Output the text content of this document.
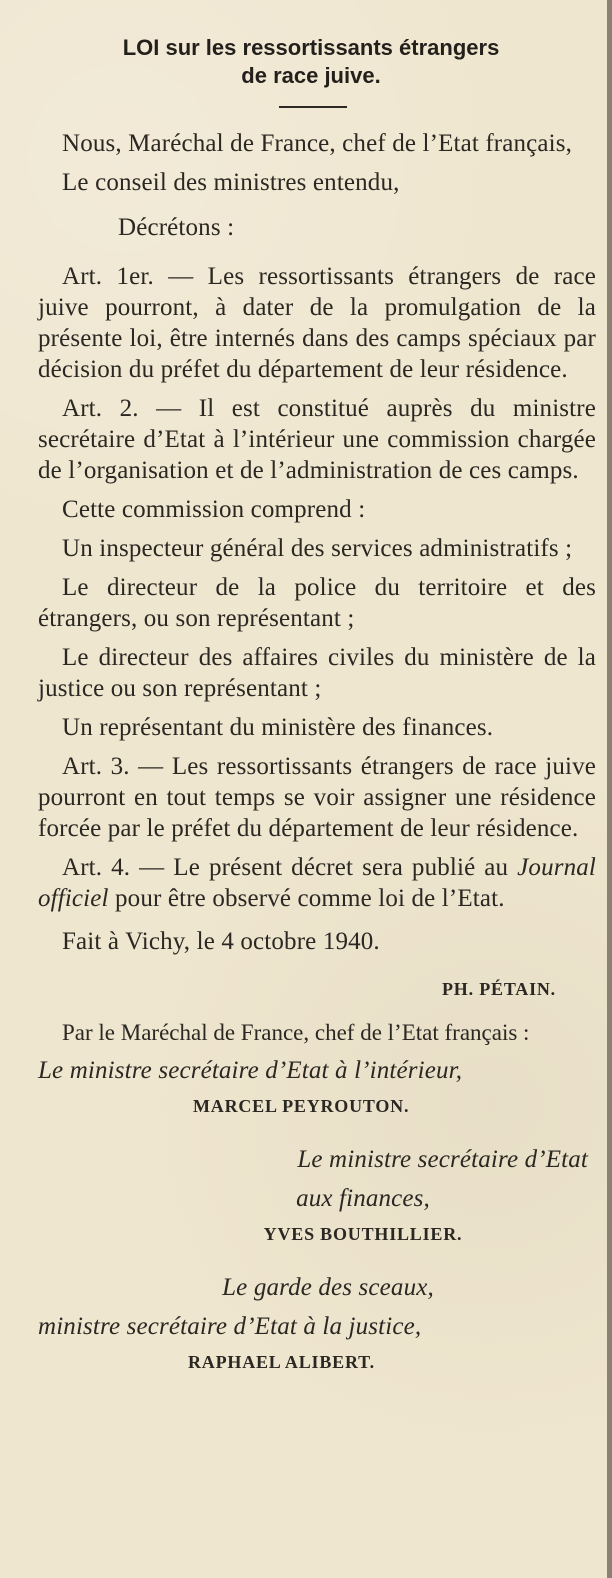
LOI sur les ressortissants étrangers
de race juive.

Nous, Maréchal de France, chef de l’Etat français,

Le conseil des ministres entendu,

Décrétons :

Art. 1er. — Les ressortissants étrangers de race juive pourront, à dater de la promulgation de la présente loi, être internés dans des camps spéciaux par décision du préfet du département de leur résidence.

Art. 2. — Il est constitué auprès du ministre secrétaire d’Etat à l’intérieur une commission chargée de l’organisation et de l’administration de ces camps.

Cette commission comprend :

Un inspecteur général des services administratifs ;

Le directeur de la police du territoire et des étrangers, ou son représentant ;

Le directeur des affaires civiles du ministère de la justice ou son représentant ;

Un représentant du ministère des finances.

Art. 3. — Les ressortissants étrangers de race juive pourront en tout temps se voir assigner une résidence forcée par le préfet du département de leur résidence.

Art. 4. — Le présent décret sera publié au Journal officiel pour être observé comme loi de l’Etat.

Fait à Vichy, le 4 octobre 1940.

PH. PÉTAIN.

Par le Maréchal de France, chef de l’Etat français :

Le ministre secrétaire d’Etat à l’intérieur,

MARCEL PEYROUTON.

Le ministre secrétaire d’Etat

aux finances,

YVES BOUTHILLIER.

Le garde des sceaux,

ministre secrétaire d’Etat à la justice,

RAPHAEL ALIBERT.
